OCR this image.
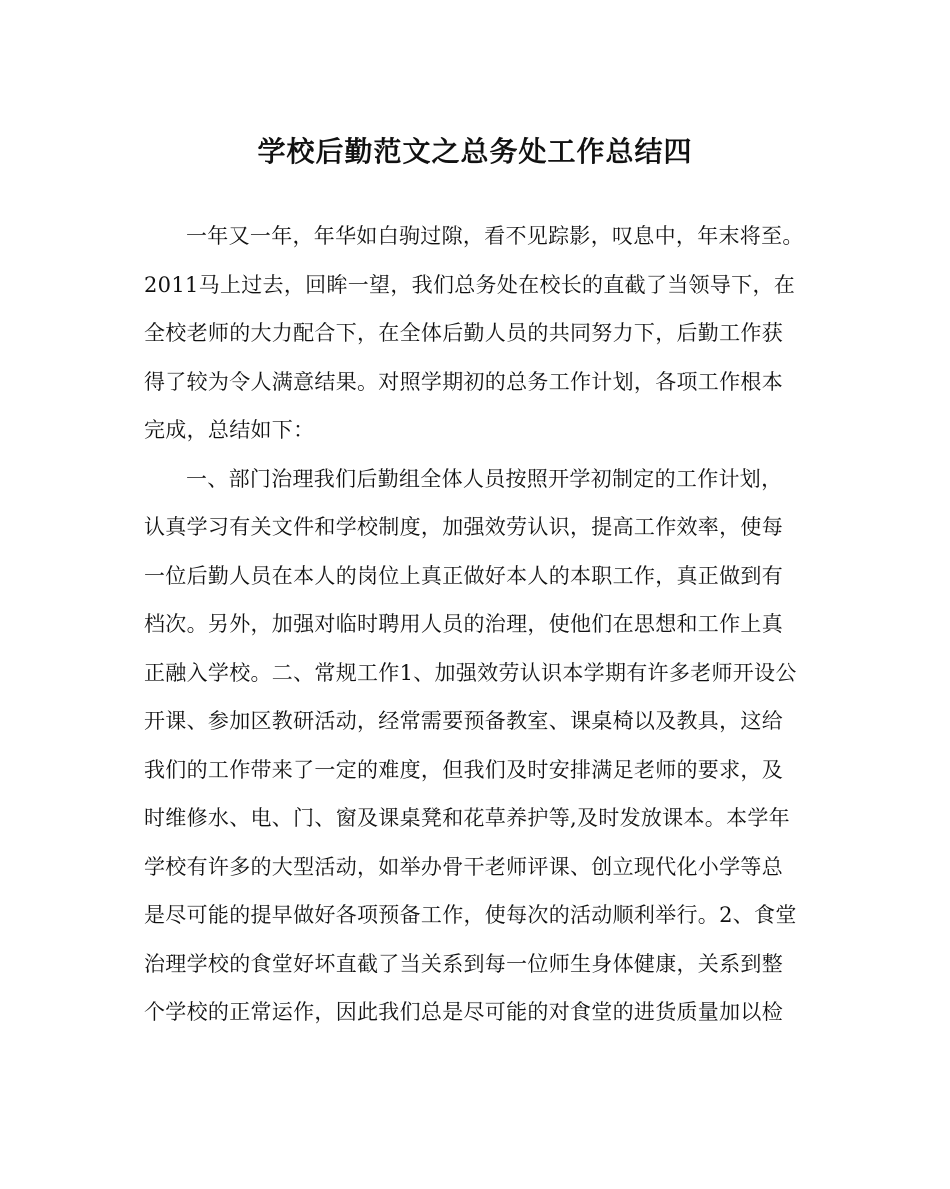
学校后勤范文之总务处工作总结四
一年又一年，年华如白驹过隙，看不见踪影，叹息中，年末将至。
2011马上过去，回眸一望，我们总务处在校长的直截了当领导下，在
全校老师的大力配合下，在全体后勤人员的共同努力下，后勤工作获
得了较为令人满意结果。对照学期初的总务工作计划，各项工作根本
完成，总结如下：
一、部门治理我们后勤组全体人员按照开学初制定的工作计划，
认真学习有关文件和学校制度，加强效劳认识，提高工作效率，使每
一位后勤人员在本人的岗位上真正做好本人的本职工作，真正做到有
档次。另外，加强对临时聘用人员的治理，使他们在思想和工作上真
正融入学校。二、常规工作1、加强效劳认识本学期有许多老师开设公
开课、参加区教研活动，经常需要预备教室、课桌椅以及教具，这给
我们的工作带来了一定的难度，但我们及时安排满足老师的要求，及
时维修水、电、门、窗及课桌凳和花草养护等,及时发放课本。本学年
学校有许多的大型活动，如举办骨干老师评课、创立现代化小学等总
是尽可能的提早做好各项预备工作，使每次的活动顺利举行。2、食堂
治理学校的食堂好坏直截了当关系到每一位师生身体健康，关系到整
个学校的正常运作，因此我们总是尽可能的对食堂的进货质量加以检
